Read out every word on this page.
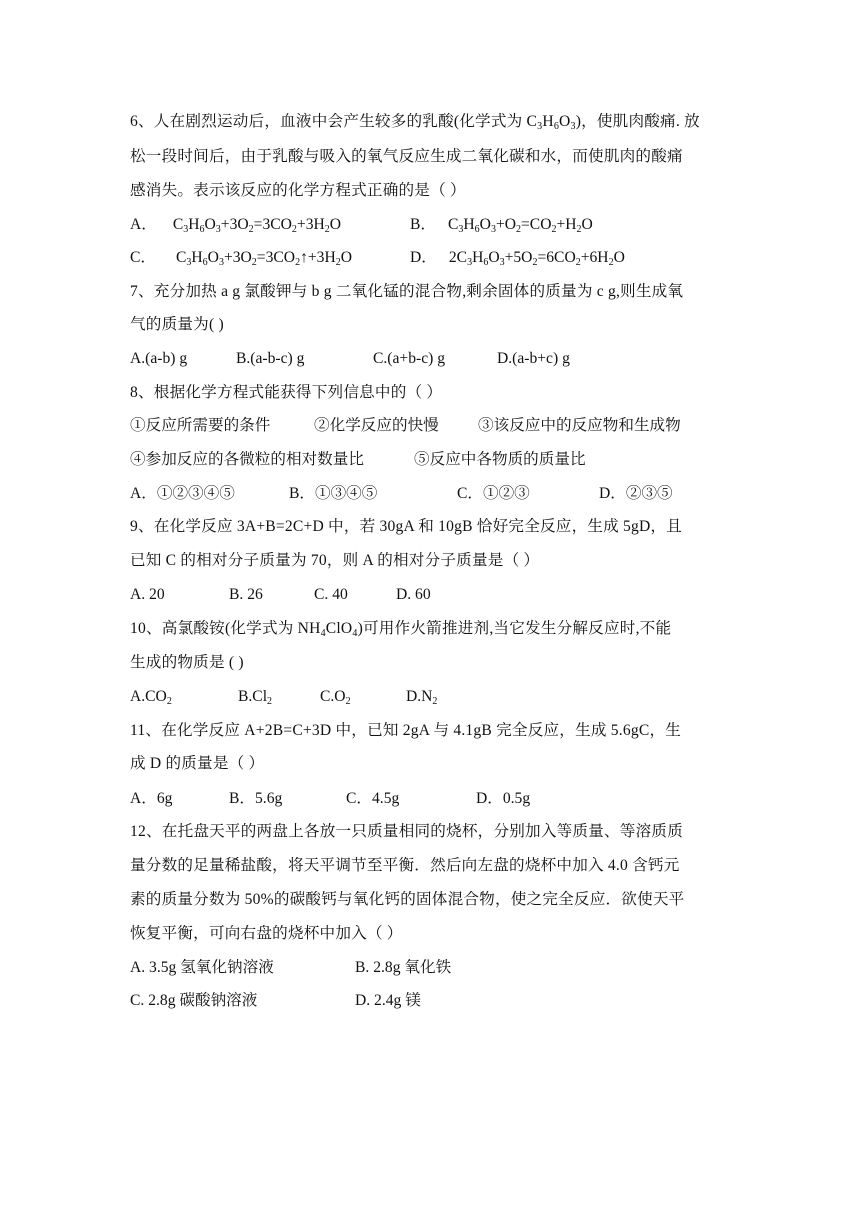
6、人在剧烈运动后，血液中会产生较多的乳酸(化学式为 $C_3H_6O_3$)，使肌肉酸痛. 放
松一段时间后，由于乳酸与吸入的氧气反应生成二氧化碳和水，而使肌肉的酸痛
感消失。表示该反应的化学方程式正确的是（ ）
A． $C_3H_6O_3+3O_2=3CO_2+3H_2O$	B． $C_3H_6O_3+O_2=CO_2+H_2O$
C． $C_3H_6O_3+3O_2=3CO_2↑+3H_2O$	D． $2C_3H_6O_3+5O_2=6CO_2+6H_2O$
7、充分加热 a g 氯酸钾与 b g 二氧化锰的混合物,剩余固体的质量为 c g,则生成氧
气的质量为( )
A.(a-b) g	B.(a-b-c) g	C.(a+b-c) g	D.(a-b+c) g
8、根据化学方程式能获得下列信息中的（ ）
①反应所需要的条件	②化学反应的快慢	③该反应中的反应物和生成物
④参加反应的各微粒的相对数量比	⑤反应中各物质的质量比
A．①②③④⑤	B．①③④⑤	C．①②③	D．②③⑤
9、在化学反应 3A+B=2C+D 中，若 30gA 和 10gB 恰好完全反应，生成 5gD，且
已知 C 的相对分子质量为 70，则 A 的相对分子质量是（ ）
A. 20	B. 26	C. 40	D. 60
10、高氯酸铵(化学式为 $NH_4ClO_4$)可用作火箭推进剂,当它发生分解反应时,不能
生成的物质是 ( )
$A.CO_2$	$B.Cl_2$	$C.O_2$	$D.N_2$
11、在化学反应 A+2B=C+3D 中，已知 2gA 与 4.1gB 完全反应，生成 5.6gC，生
成 D 的质量是（ ）
A．6g	B．5.6g	C．4.5g	D．0.5g
12、在托盘天平的两盘上各放一只质量相同的烧杯，分别加入等质量、等溶质质
量分数的足量稀盐酸，将天平调节至平衡．然后向左盘的烧杯中加入 4.0 含钙元
素的质量分数为 50%的碳酸钙与氧化钙的固体混合物，使之完全反应．欲使天平
恢复平衡，可向右盘的烧杯中加入（ ）
A. 3.5g 氢氧化钠溶液	B. 2.8g 氧化铁
C. 2.8g 碳酸钠溶液	D. 2.4g 镁
